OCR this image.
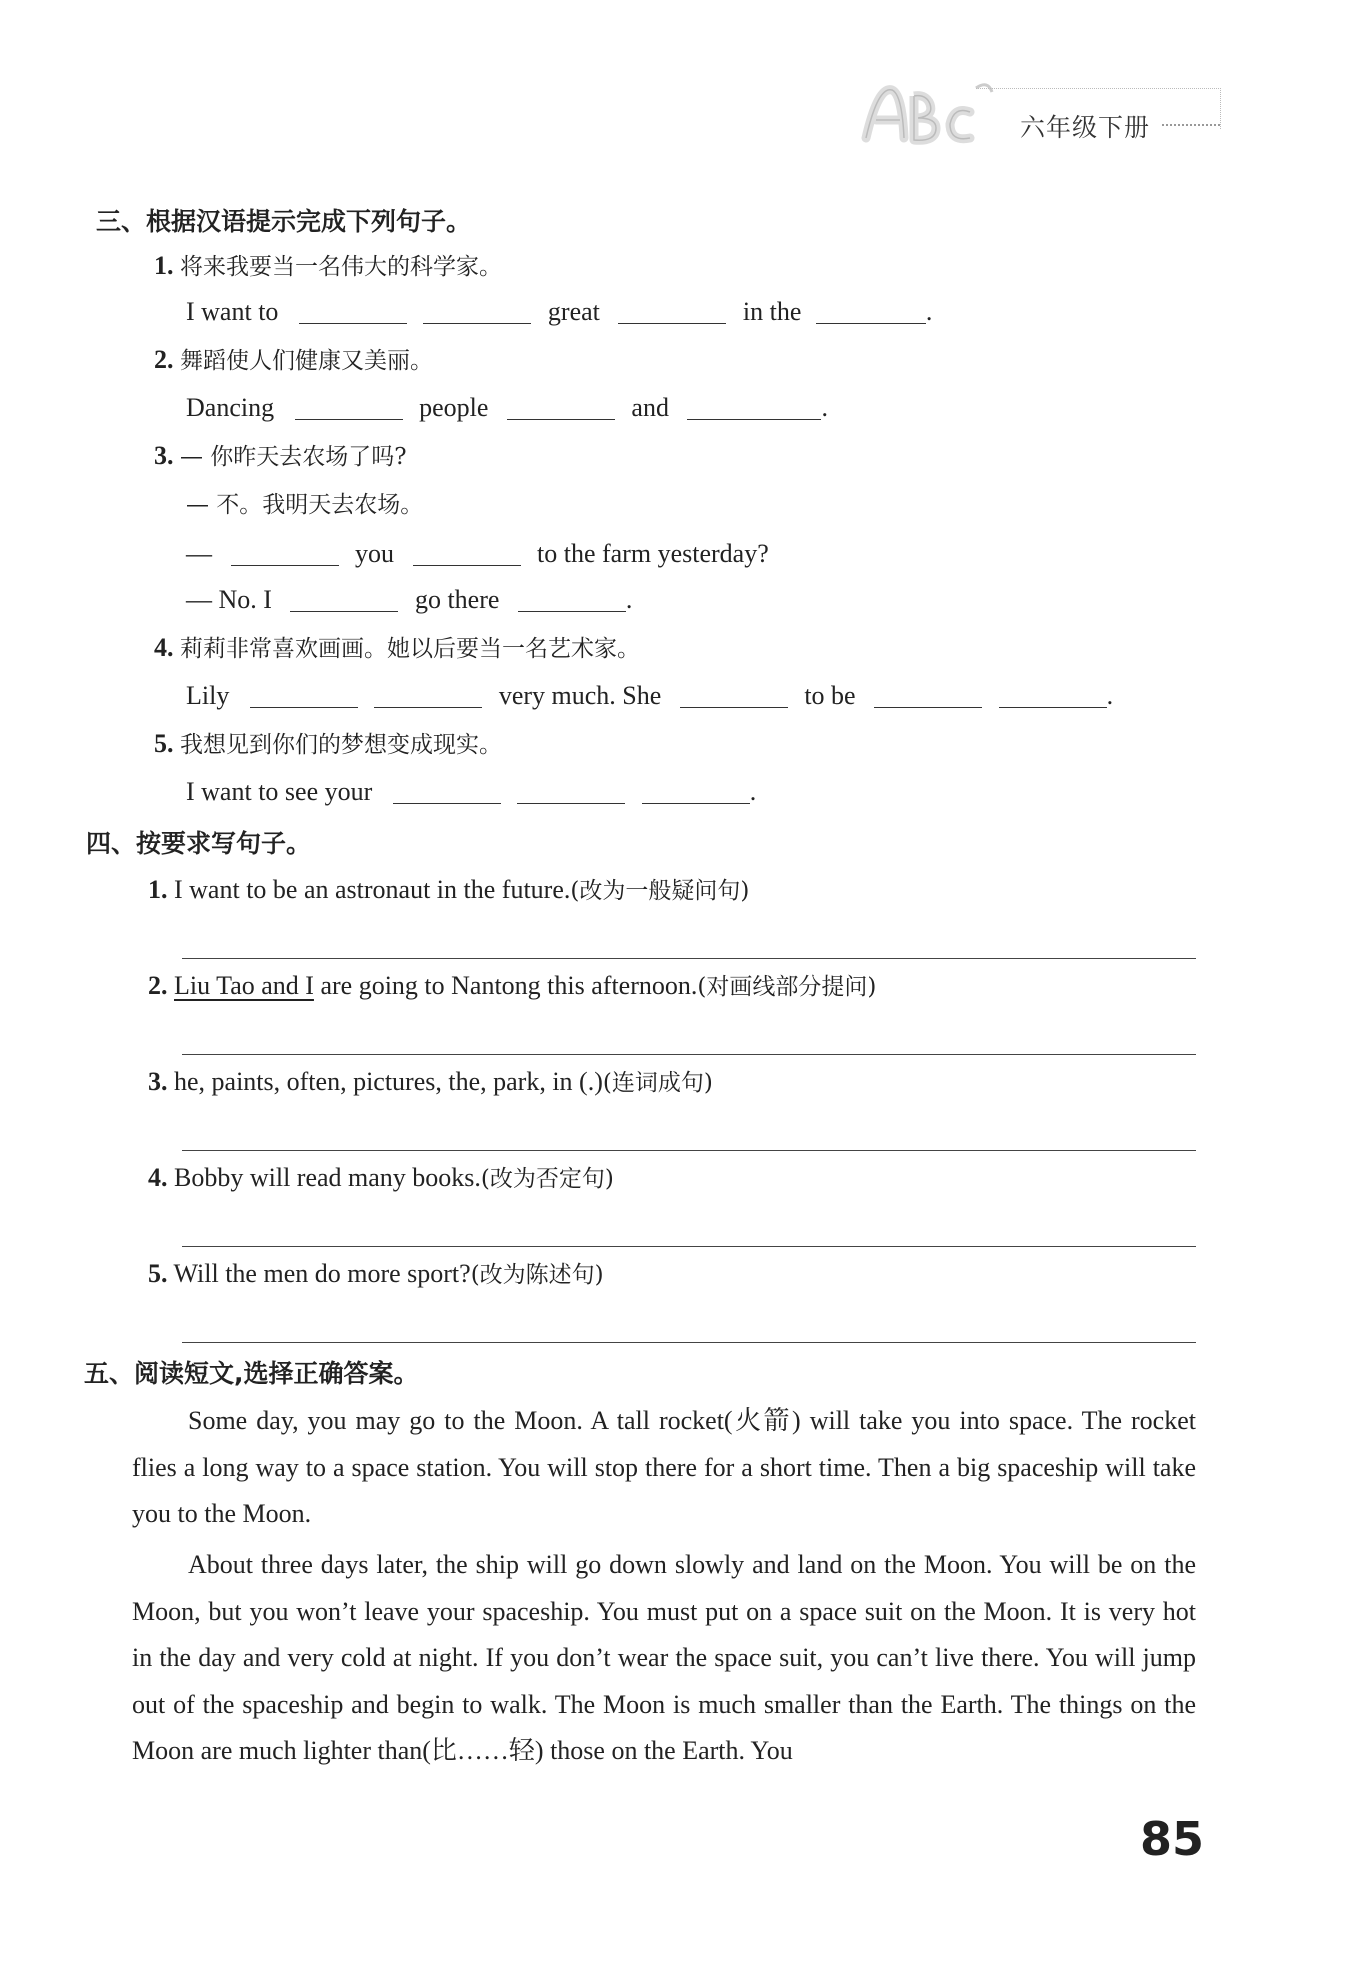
六年级下册
三、根据汉语提示完成下列句子。
1. 将来我要当一名伟大的科学家。
I want to	great	in the	.
2. 舞蹈使人们健康又美丽。
Dancing	people	and	.
3. — 你昨天去农场了吗?
— 不。我明天去农场。
—	you	to the farm yesterday?
— No. I	go there	.
4. 莉莉非常喜欢画画。她以后要当一名艺术家。
Lily	very much. She	to be	.
5. 我想见到你们的梦想变成现实。
I want to see your	.
四、按要求写句子。
1. I want to be an astronaut in the future.(改为一般疑问句)
2. Liu Tao and I are going to Nantong this afternoon.(对画线部分提问)
3. he, paints, often, pictures, the, park, in (.)(连词成句)
4. Bobby will read many books.(改为否定句)
5. Will the men do more sport?(改为陈述句)
五、阅读短文,选择正确答案。
Some day, you may go to the Moon. A tall rocket(火箭) will take you into space. The rocket flies a long way to a space station. You will stop there for a short time. Then a big spaceship will take you to the Moon.
About three days later, the ship will go down slowly and land on the Moon. You will be on the Moon, but you won’t leave your spaceship. You must put on a space suit on the Moon. It is very hot in the day and very cold at night. If you don’t wear the space suit, you can’t live there. You will jump out of the spaceship and begin to walk. The Moon is much smaller than the Earth. The things on the Moon are much lighter than(比……轻) those on the Earth. You
85
